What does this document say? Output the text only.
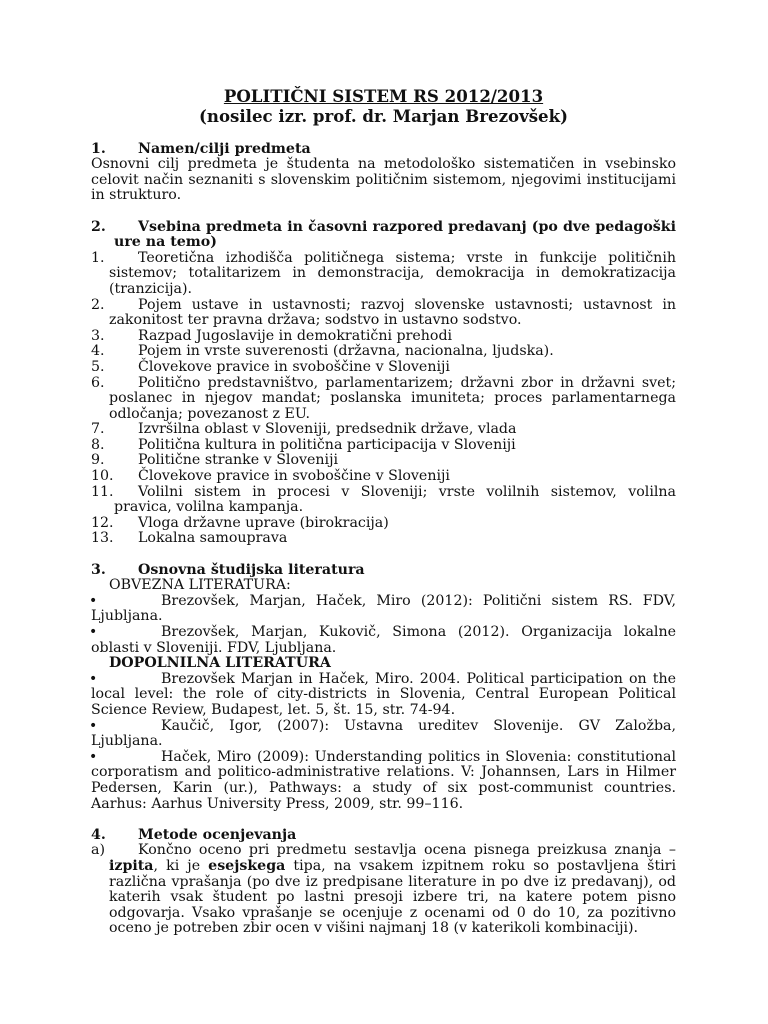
POLITIČNI SISTEM RS 2012/2013
(nosilec izr. prof. dr. Marjan Brezovšek)
1.	Namen/cilji predmeta
Osnovni cilj predmeta je študenta na metodološko sistematičen in vsebinsko celovit način seznaniti s slovenskim političnim sistemom, njegovimi institucijami in strukturo.
2. Vsebina predmeta in časovni razpored predavanj (po dve pedagoški ure na temo)
1. Teoretična izhodišča političnega sistema; vrste in funkcije političnih sistemov; totalitarizem in demonstracija, demokracija in demokratizacija (tranzicija).
2. Pojem ustave in ustavnosti; razvoj slovenske ustavnosti; ustavnost in zakonitost ter pravna država; sodstvo in ustavno sodstvo.
3. Razpad Jugoslavije in demokratični prehodi
4. Pojem in vrste suverenosti (državna, nacionalna, ljudska).
5. Človekove pravice in svoboščine v Sloveniji
6. Politično predstavništvo, parlamentarizem; državni zbor in državni svet; poslanec in njegov mandat; poslanska imuniteta; proces parlamentarnega odločanja; povezanost z EU.
7. Izvršilna oblast v Sloveniji, predsednik države, vlada
8. Politična kultura in politična participacija v Sloveniji
9. Politične stranke v Sloveniji
10. Človekove pravice in svoboščine v Sloveniji
11. Volilni sistem in procesi v Sloveniji; vrste volilnih sistemov, volilna pravica, volilna kampanja.
12. Vloga državne uprave (birokracija)
13. Lokalna samouprava
3.	Osnovna študijska literatura
OBVEZNA LITERATURA:
•	Brezovšek, Marjan, Haček, Miro (2012): Politični sistem RS. FDV, Ljubljana.
•	Brezovšek, Marjan, Kukovič, Simona (2012). Organizacija lokalne oblasti v Sloveniji. FDV, Ljubljana.
DOPOLNILNA LITERATURA
•	Brezovšek Marjan in Haček, Miro. 2004. Political participation on the local level: the role of city-districts in Slovenia, Central European Political Science Review, Budapest, let. 5, št. 15, str. 74-94.
•	Kaučič, Igor, (2007): Ustavna ureditev Slovenije. GV Založba, Ljubljana.
•	Haček, Miro (2009): Understanding politics in Slovenia: constitutional corporatism and politico-administrative relations. V: Johannsen, Lars in Hilmer Pedersen, Karin (ur.), Pathways: a study of six post-communist countries. Aarhus: Aarhus University Press, 2009, str. 99–116.
4.	Metode ocenjevanja
a) Končno oceno pri predmetu sestavlja ocena pisnega preizkusa znanja – izpita, ki je esejskega tipa, na vsakem izpitnem roku so postavljena štiri različna vprašanja (po dve iz predpisane literature in po dve iz predavanj), od katerih vsak študent po lastni presoji izbere tri, na katere potem pisno odgovarja. Vsako vprašanje se ocenjuje z ocenami od 0 do 10, za pozitivno oceno je potreben zbir ocen v višini najmanj 18 (v katerikoli kombinaciji).
